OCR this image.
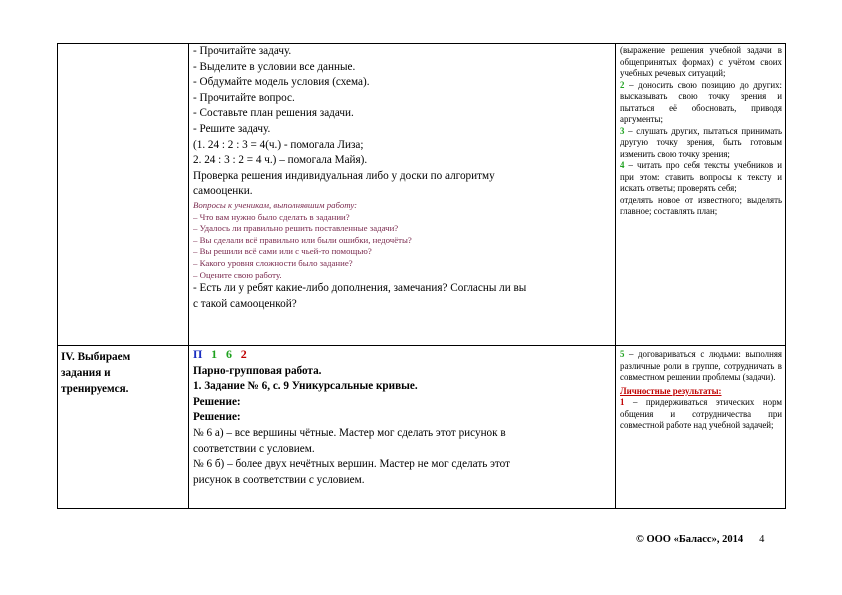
- Прочитайте задачу.

- Выделите в условии все данные.

- Обдумайте модель условия (схема).

- Прочитайте вопрос.

- Составьте план решения задачи.

- Решите задачу.

(1. 24 : 2 : 3 = 4(ч.) - помогала Лиза;

2. 24 : 3 : 2 = 4 ч.) – помогала Майя).

Проверка решения индивидуальная либо у доски по алгоритму

самооценки.

Вопросы к ученикам, выполнявшим работу:

– Что вам нужно было сделать в задании?

– Удалось ли правильно решить поставленные задачи?

– Вы сделали всё правильно или были ошибки, недочёты?

– Вы решили всё сами или с чьей-то помощью?

– Какого уровня сложности было задание?

– Оцените свою работу.

- Есть ли у ребят какие-либо дополнения, замечания? Согласны ли вы

с такой самооценкой?

(выражение решения учебной задачи в общепринятых формах) с учётом своих учебных речевых ситуаций;

2 – доносить свою позицию до других: высказывать свою точку зрения и пытаться её обосновать, приводя аргументы;

3 – слушать других, пытаться принимать другую точку зрения, быть готовым изменить свою точку зрения;

4 – читать про себя тексты учебников и при этом: ставить вопросы к тексту и искать ответы; проверять себя;

отделять новое от известного; выделять главное; составлять план;

IV. Выбираем

задания и

тренируемся.

П 1 6 2

Парно-групповая работа.

1. Задание № 6, с. 9 Уникурсальные кривые.

Решение:

Решение:

№ 6 а) – все вершины чётные. Мастер мог сделать этот рисунок в

соответствии с условием.

№ 6 б) – более двух нечётных вершин. Мастер не мог сделать этот

рисунок в соответствии с условием.

5 – договариваться с людьми: выполняя различные роли в группе, сотрудничать в совместном решении проблемы (задачи).

Личностные результаты:

1 – придерживаться этических норм общения и сотрудничества при совместной работе над учебной задачей;

© ООО «Баласс», 2014 4
